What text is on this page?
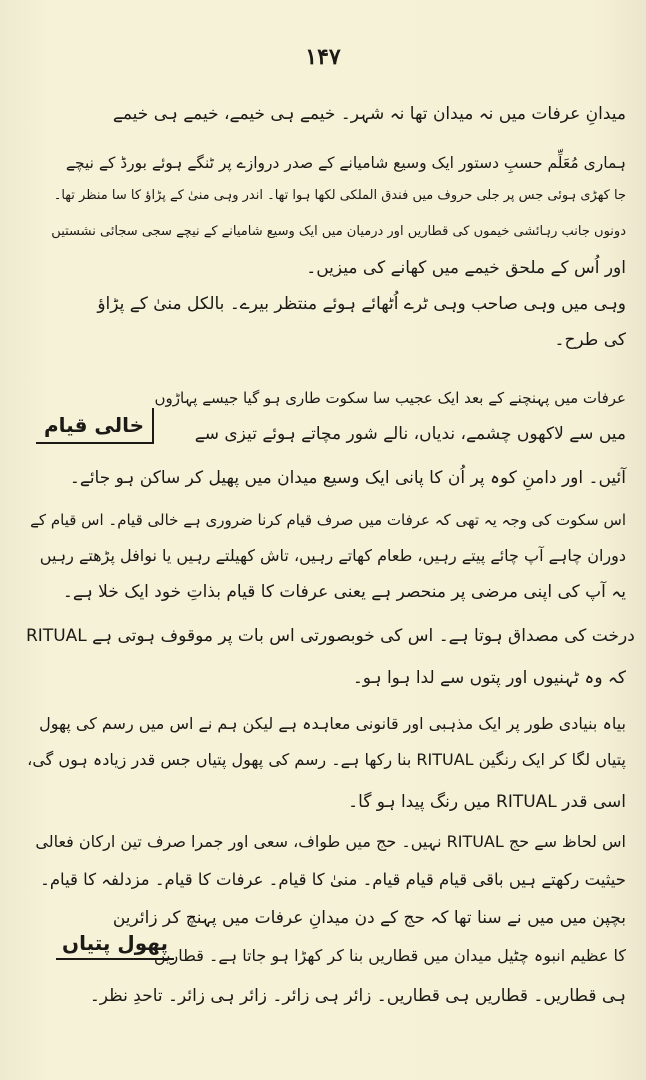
۱۴۷
میدانِ عرفات میں نہ میدان تھا نہ شہر۔ خیمے ہی خیمے، خیمے ہی خیمے
ہماری مُعَلِّم حسبِ دستور ایک وسیع شامیانے کے صدر دروازے پر ٹنگے ہوئے بورڈ کے نیچے
جا کھڑی ہوئی جس پر جلی حروف میں فندق الملکی لکھا ہوا تھا۔ اندر وہی منیٰ کے پڑاؤ کا سا منظر تھا۔
دونوں جانب رہائشی خیموں کی قطاریں اور درمیان میں ایک وسیع شامیانے کے نیچے سجی سجائی نشستیں
اور اُس کے ملحق خیمے میں کھانے کی میزیں۔
وہی میں وہی صاحب وہی ٹرے اُٹھائے ہوئے منتظر بیرے۔ بالکل منیٰ کے پڑاؤ
کی طرح۔
خالی قیام
عرفات میں پہنچنے کے بعد ایک عجیب سا سکوت طاری ہو گیا جیسے پہاڑوں
میں سے لاکھوں چشمے، ندیاں، نالے شور مچاتے ہوئے تیزی سے
آئیں۔ اور دامنِ کوہ پر اُن کا پانی ایک وسیع میدان میں پھیل کر ساکن ہو جائے۔
اس سکوت کی وجہ یہ تھی کہ عرفات میں صرف قیام کرنا ضروری ہے خالی قیام۔ اس قیام کے
دوران چاہے آپ چائے پیتے رہیں، طعام کھاتے رہیں، تاش کھیلتے رہیں یا نوافل پڑھتے رہیں
یہ آپ کی اپنی مرضی پر منحصر ہے یعنی عرفات کا قیام بذاتِ خود ایک خلا ہے۔
RITUAL درخت کی مصداق ہوتا ہے۔ اس کی خوبصورتی اس بات پر موقوف ہوتی ہے
کہ وہ ٹہنیوں اور پتوں سے لدا ہوا ہو۔
بیاہ بنیادی طور پر ایک مذہبی اور قانونی معاہدہ ہے لیکن ہم نے اس میں رسم کی پھول
پتیاں لگا کر ایک رنگین RITUAL بنا رکھا ہے۔ رسم کی پھول پتیاں جس قدر زیادہ ہوں گی،
اسی قدر RITUAL میں رنگ پیدا ہو گا۔
اس لحاظ سے حج RITUAL نہیں۔ حج میں طواف، سعی اور جمرا صرف تین ارکان فعالی
حیثیت رکھتے ہیں باقی قیام قیام قیام۔ منیٰ کا قیام۔ عرفات کا قیام۔ مزدلفہ کا قیام۔
بچپن میں میں نے سنا تھا کہ حج کے دن میدانِ عرفات میں پہنچ کر زائرین
پھول پتیاں
کا عظیم انبوہ چٹیل میدان میں قطاریں بنا کر کھڑا ہو جاتا ہے۔ قطاریں
ہی قطاریں۔ قطاریں ہی قطاریں۔ زائر ہی زائر۔ زائر ہی زائر۔ تاحدِ نظر۔
